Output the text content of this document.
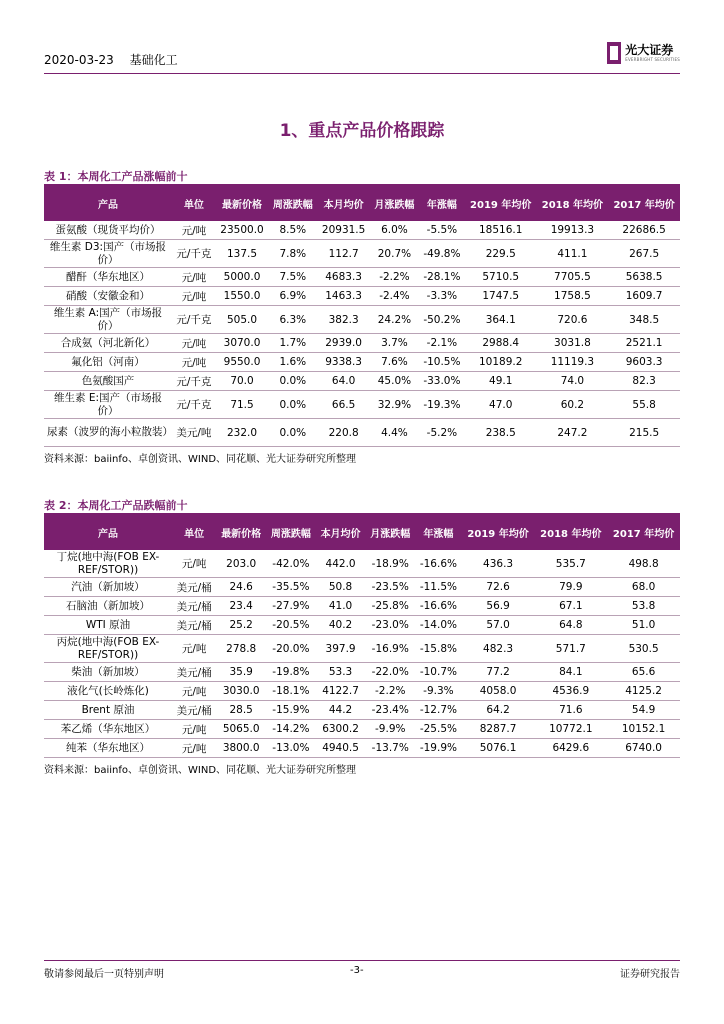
2020-03-23 基础化工
光大证券
EVERBRIGHT SECURITIES
1、重点产品价格跟踪
表 1：本周化工产品涨幅前十
产品	单位	最新价格	周涨跌幅	本月均价	月涨跌幅	年涨幅	2019 年均价	2018 年均价	2017 年均价
蛋氨酸（现货平均价）	元/吨	23500.0	8.5%	20931.5	6.0%	-5.5%	18516.1	19913.3	22686.5
维生素 D3:国产（市场报价）	元/千克	137.5	7.8%	112.7	20.7%	-49.8%	229.5	411.1	267.5
醋酐（华东地区）	元/吨	5000.0	7.5%	4683.3	-2.2%	-28.1%	5710.5	7705.5	5638.5
硝酸（安徽金和）	元/吨	1550.0	6.9%	1463.3	-2.4%	-3.3%	1747.5	1758.5	1609.7
维生素 A:国产（市场报价）	元/千克	505.0	6.3%	382.3	24.2%	-50.2%	364.1	720.6	348.5
合成氨（河北新化）	元/吨	3070.0	1.7%	2939.0	3.7%	-2.1%	2988.4	3031.8	2521.1
氟化铝（河南）	元/吨	9550.0	1.6%	9338.3	7.6%	-10.5%	10189.2	11119.3	9603.3
色氨酸国产	元/千克	70.0	0.0%	64.0	45.0%	-33.0%	49.1	74.0	82.3
维生素 E:国产（市场报价）	元/千克	71.5	0.0%	66.5	32.9%	-19.3%	47.0	60.2	55.8
尿素（波罗的海小粒散装）	美元/吨	232.0	0.0%	220.8	4.4%	-5.2%	238.5	247.2	215.5
资料来源：baiinfo、卓创资讯、WIND、同花顺、光大证券研究所整理
表 2：本周化工产品跌幅前十
产品	单位	最新价格	周涨跌幅	本月均价	月涨跌幅	年涨幅	2019 年均价	2018 年均价	2017 年均价
丁烷(地中海(FOB EX-REF/STOR))	元/吨	203.0	-42.0%	442.0	-18.9%	-16.6%	436.3	535.7	498.8
汽油（新加坡）	美元/桶	24.6	-35.5%	50.8	-23.5%	-11.5%	72.6	79.9	68.0
石脑油（新加坡）	美元/桶	23.4	-27.9%	41.0	-25.8%	-16.6%	56.9	67.1	53.8
WTI 原油	美元/桶	25.2	-20.5%	40.2	-23.0%	-14.0%	57.0	64.8	51.0
丙烷(地中海(FOB EX-REF/STOR))	元/吨	278.8	-20.0%	397.9	-16.9%	-15.8%	482.3	571.7	530.5
柴油（新加坡）	美元/桶	35.9	-19.8%	53.3	-22.0%	-10.7%	77.2	84.1	65.6
液化气(长岭炼化)	元/吨	3030.0	-18.1%	4122.7	-2.2%	-9.3%	4058.0	4536.9	4125.2
Brent 原油	美元/桶	28.5	-15.9%	44.2	-23.4%	-12.7%	64.2	71.6	54.9
苯乙烯（华东地区）	元/吨	5065.0	-14.2%	6300.2	-9.9%	-25.5%	8287.7	10772.1	10152.1
纯苯（华东地区）	元/吨	3800.0	-13.0%	4940.5	-13.7%	-19.9%	5076.1	6429.6	6740.0
资料来源：baiinfo、卓创资讯、WIND、同花顺、光大证券研究所整理
敬请参阅最后一页特别声明	-3-	证券研究报告
